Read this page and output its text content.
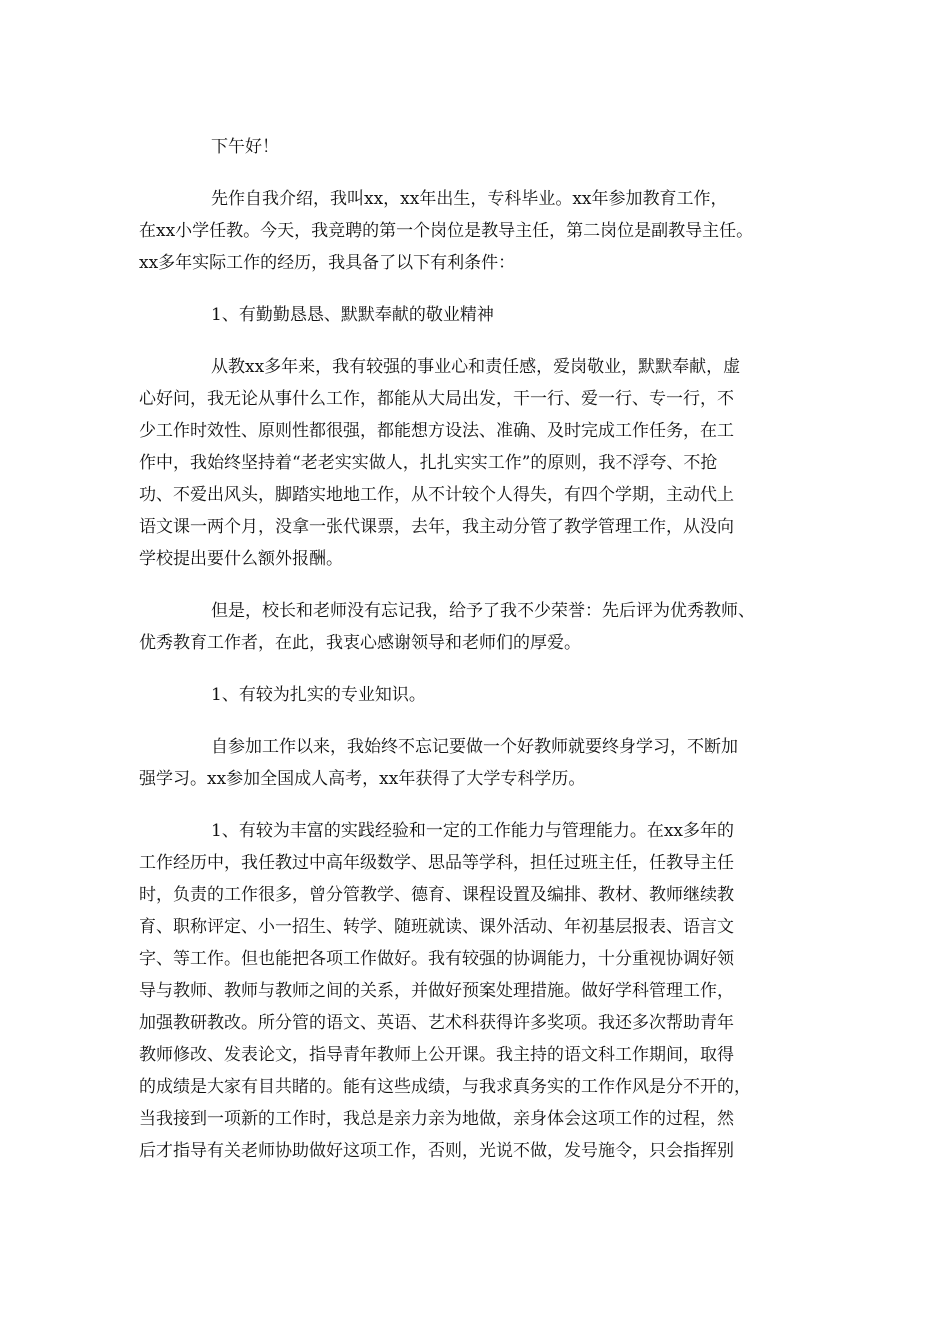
下午好！
先作自我介绍，我叫xx，xx年出生，专科毕业。xx年参加教育工作，
在xx小学任教。今天，我竞聘的第一个岗位是教导主任，第二岗位是副教导主任。
xx多年实际工作的经历，我具备了以下有利条件：
1、有勤勤恳恳、默默奉献的敬业精神
从教xx多年来，我有较强的事业心和责任感，爱岗敬业，默默奉献，虚
心好问，我无论从事什么工作，都能从大局出发，干一行、爱一行、专一行，不
少工作时效性、原则性都很强，都能想方设法、准确、及时完成工作任务，在工
作中，我始终坚持着“老老实实做人，扎扎实实工作”的原则，我不浮夸、不抢
功、不爱出风头，脚踏实地地工作，从不计较个人得失，有四个学期，主动代上
语文课一两个月，没拿一张代课票，去年，我主动分管了教学管理工作，从没向
学校提出要什么额外报酬。
但是，校长和老师没有忘记我，给予了我不少荣誉：先后评为优秀教师、
优秀教育工作者，在此，我衷心感谢领导和老师们的厚爱。
1、有较为扎实的专业知识。
自参加工作以来，我始终不忘记要做一个好教师就要终身学习，不断加
强学习。xx参加全国成人高考，xx年获得了大学专科学历。
1、有较为丰富的实践经验和一定的工作能力与管理能力。在xx多年的
工作经历中，我任教过中高年级数学、思品等学科，担任过班主任，任教导主任
时，负责的工作很多，曾分管教学、德育、课程设置及编排、教材、教师继续教
育、职称评定、小一招生、转学、随班就读、课外活动、年初基层报表、语言文
字、等工作。但也能把各项工作做好。我有较强的协调能力，十分重视协调好领
导与教师、教师与教师之间的关系，并做好预案处理措施。做好学科管理工作，
加强教研教改。所分管的语文、英语、艺术科获得许多奖项。我还多次帮助青年
教师修改、发表论文，指导青年教师上公开课。我主持的语文科工作期间，取得
的成绩是大家有目共睹的。能有这些成绩，与我求真务实的工作作风是分不开的，
当我接到一项新的工作时，我总是亲力亲为地做，亲身体会这项工作的过程，然
后才指导有关老师协助做好这项工作，否则，光说不做，发号施令，只会指挥别
